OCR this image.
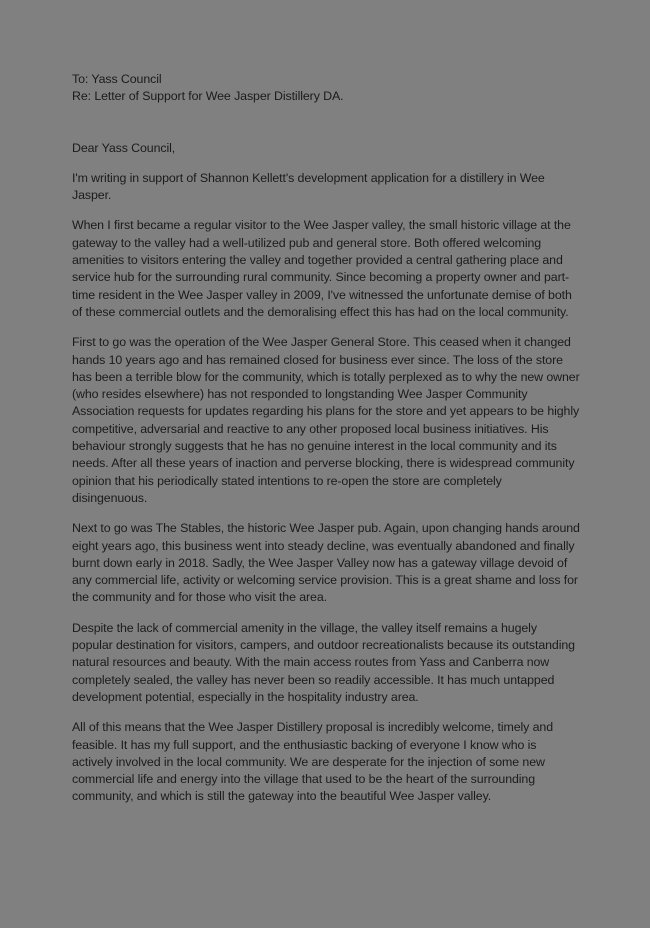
To: Yass Council
Re: Letter of Support for Wee Jasper Distillery DA.

Dear Yass Council,

I'm writing in support of Shannon Kellett's development application for a distillery in Wee Jasper.

When I first became a regular visitor to the Wee Jasper valley, the small historic village at the gateway to the valley had a well-utilized pub and general store. Both offered welcoming amenities to visitors entering the valley and together provided a central gathering place and service hub for the surrounding rural community. Since becoming a property owner and part-time resident in the Wee Jasper valley in 2009, I've witnessed the unfortunate demise of both of these commercial outlets and the demoralising effect this has had on the local community.

First to go was the operation of the Wee Jasper General Store. This ceased when it changed hands 10 years ago and has remained closed for business ever since. The loss of the store has been a terrible blow for the community, which is totally perplexed as to why the new owner (who resides elsewhere) has not responded to longstanding Wee Jasper Community Association requests for updates regarding his plans for the store and yet appears to be highly competitive, adversarial and reactive to any other proposed local business initiatives. His behaviour strongly suggests that he has no genuine interest in the local community and its needs. After all these years of inaction and perverse blocking, there is widespread community opinion that his periodically stated intentions to re-open the store are completely disingenuous.

Next to go was The Stables, the historic Wee Jasper pub. Again, upon changing hands around eight years ago, this business went into steady decline, was eventually abandoned and finally burnt down early in 2018. Sadly, the Wee Jasper Valley now has a gateway village devoid of any commercial life, activity or welcoming service provision. This is a great shame and loss for the community and for those who visit the area.

Despite the lack of commercial amenity in the village, the valley itself remains a hugely popular destination for visitors, campers, and outdoor recreationalists because its outstanding natural resources and beauty. With the main access routes from Yass and Canberra now completely sealed, the valley has never been so readily accessible. It has much untapped development potential, especially in the hospitality industry area.

All of this means that the Wee Jasper Distillery proposal is incredibly welcome, timely and feasible. It has my full support, and the enthusiastic backing of everyone I know who is actively involved in the local community. We are desperate for the injection of some new commercial life and energy into the village that used to be the heart of the surrounding community, and which is still the gateway into the beautiful Wee Jasper valley.
